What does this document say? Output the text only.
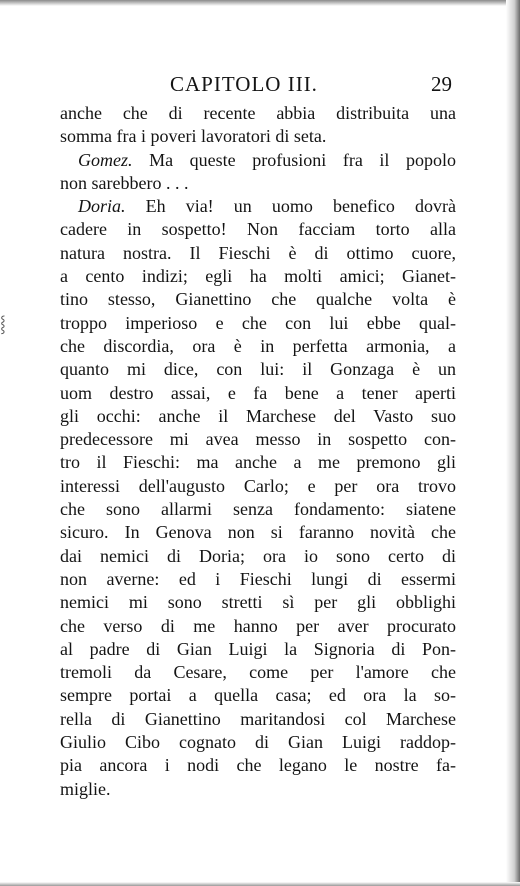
⸾
CAPITOLO III.	29
anche che di recente abbia distribuita una
somma fra i poveri lavoratori di seta.
Gomez. Ma queste profusioni fra il popolo
non sarebbero . . .
Doria. Eh via! un uomo benefico dovrà
cadere in sospetto! Non facciam torto alla
natura nostra. Il Fieschi è di ottimo cuore,
a cento indizi; egli ha molti amici; Gianet-
tino stesso, Gianettino che qualche volta è
troppo imperioso e che con lui ebbe qual-
che discordia, ora è in perfetta armonia, a
quanto mi dice, con lui: il Gonzaga è un
uom destro assai, e fa bene a tener aperti
gli occhi: anche il Marchese del Vasto suo
predecessore mi avea messo in sospetto con-
tro il Fieschi: ma anche a me premono gli
interessi dell'augusto Carlo; e per ora trovo
che sono allarmi senza fondamento: siatene
sicuro. In Genova non si faranno novità che
dai nemici di Doria; ora io sono certo di
non averne: ed i Fieschi lungi di essermi
nemici mi sono stretti sì per gli obblighi
che verso di me hanno per aver procurato
al padre di Gian Luigi la Signoria di Pon-
tremoli da Cesare, come per l'amore che
sempre portai a quella casa; ed ora la so-
rella di Gianettino maritandosi col Marchese
Giulio Cibo cognato di Gian Luigi raddop-
pia ancora i nodi che legano le nostre fa-
miglie.
